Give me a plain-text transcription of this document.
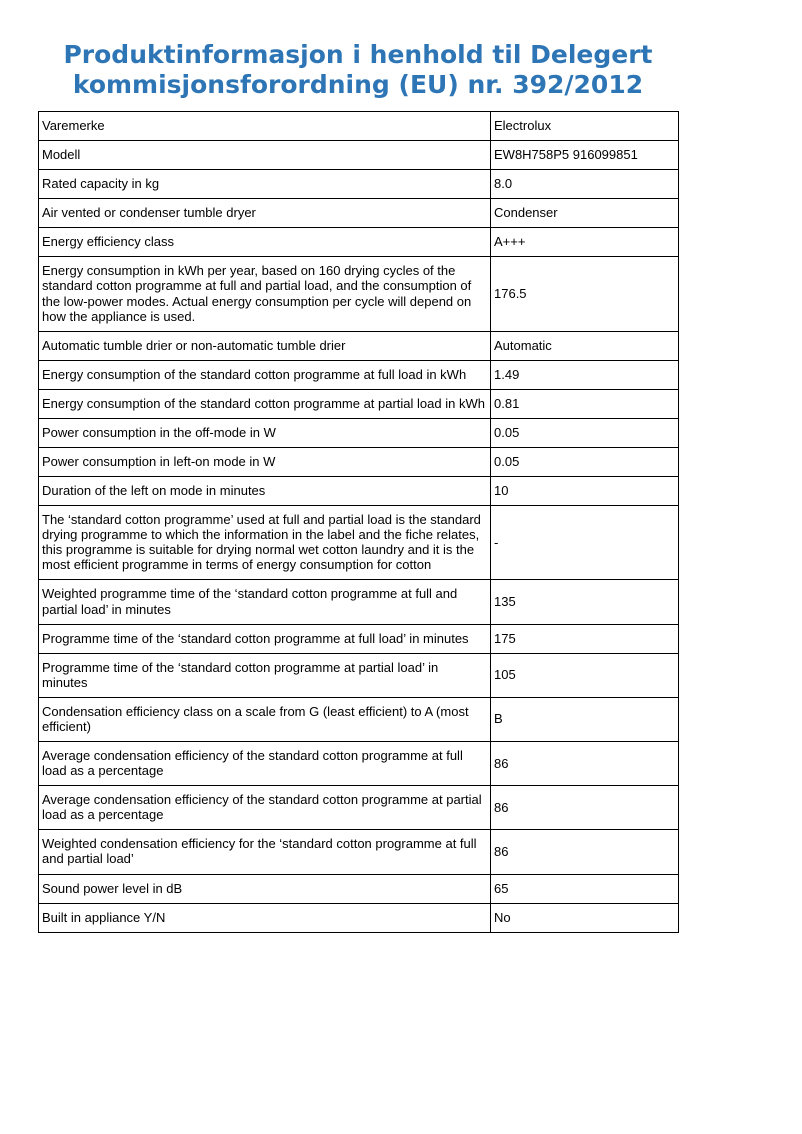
Produktinformasjon i henhold til Delegert
kommisjonsforordning (EU) nr. 392/2012
Varemerke	Electrolux
Modell	EW8H758P5 916099851
Rated capacity in kg	8.0
Air vented or condenser tumble dryer	Condenser
Energy efficiency class	A+++
Energy consumption in kWh per year, based on 160 drying cycles of the standard cotton programme at full and partial load, and the consumption of the low-power modes. Actual energy consumption per cycle will depend on how the appliance is used.	176.5
Automatic tumble drier or non-automatic tumble drier	Automatic
Energy consumption of the standard cotton programme at full load in kWh	1.49
Energy consumption of the standard cotton programme at partial load in kWh	0.81
Power consumption in the off-mode in W	0.05
Power consumption in left-on mode in W	0.05
Duration of the left on mode in minutes	10
The ‘standard cotton programme’ used at full and partial load is the standard drying programme to which the information in the label and the fiche relates, this programme is suitable for drying normal wet cotton laundry and it is the most efficient programme in terms of energy consumption for cotton	-
Weighted programme time of the ‘standard cotton programme at full and partial load’ in minutes	135
Programme time of the ‘standard cotton programme at full load’ in minutes	175
Programme time of the ‘standard cotton programme at partial load’ in minutes	105
Condensation efficiency class on a scale from G (least efficient) to A (most efficient)	B
Average condensation efficiency of the standard cotton programme at full load as a percentage	86
Average condensation efficiency of the standard cotton programme at partial load as a percentage	86
Weighted condensation efficiency for the ‘standard cotton programme at full and partial load’	86
Sound power level in dB	65
Built in appliance Y/N	No
